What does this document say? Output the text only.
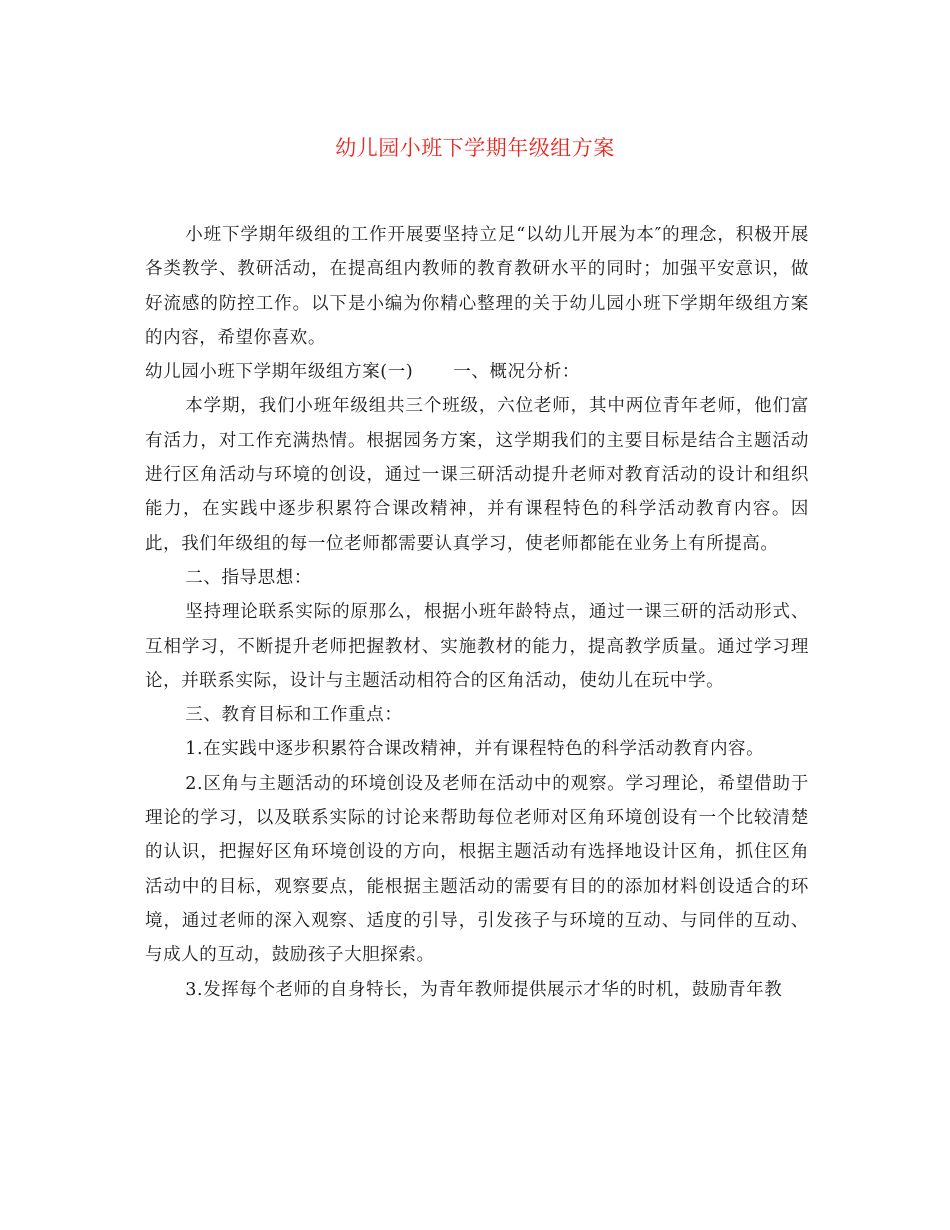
幼儿园小班下学期年级组方案

小班下学期年级组的工作开展要坚持立足“以幼儿开展为本″的理念，积极开展各类教学、教研活动，在提高组内教师的教育教研水平的同时；加强平安意识，做好流感的防控工作。以下是小编为你精心整理的关于幼儿园小班下学期年级组方案的内容，希望你喜欢。

幼儿园小班下学期年级组方案(一) 一、概况分析：

本学期，我们小班年级组共三个班级，六位老师，其中两位青年老师，他们富有活力，对工作充满热情。根据园务方案，这学期我们的主要目标是结合主题活动进行区角活动与环境的创设，通过一课三研活动提升老师对教育活动的设计和组织能力，在实践中逐步积累符合课改精神，并有课程特色的科学活动教育内容。因此，我们年级组的每一位老师都需要认真学习，使老师都能在业务上有所提高。

二、指导思想：

坚持理论联系实际的原那么，根据小班年龄特点，通过一课三研的活动形式、互相学习，不断提升老师把握教材、实施教材的能力，提高教学质量。通过学习理论，并联系实际，设计与主题活动相符合的区角活动，使幼儿在玩中学。

三、教育目标和工作重点：

1.在实践中逐步积累符合课改精神，并有课程特色的科学活动教育内容。

2.区角与主题活动的环境创设及老师在活动中的观察。学习理论，希望借助于理论的学习，以及联系实际的讨论来帮助每位老师对区角环境创设有一个比较清楚的认识，把握好区角环境创设的方向，根据主题活动有选择地设计区角，抓住区角活动中的目标，观察要点，能根据主题活动的需要有目的的添加材料创设适合的环境，通过老师的深入观察、适度的引导，引发孩子与环境的互动、与同伴的互动、与成人的互动，鼓励孩子大胆探索。

3.发挥每个老师的自身特长，为青年教师提供展示才华的时机，鼓励青年教
